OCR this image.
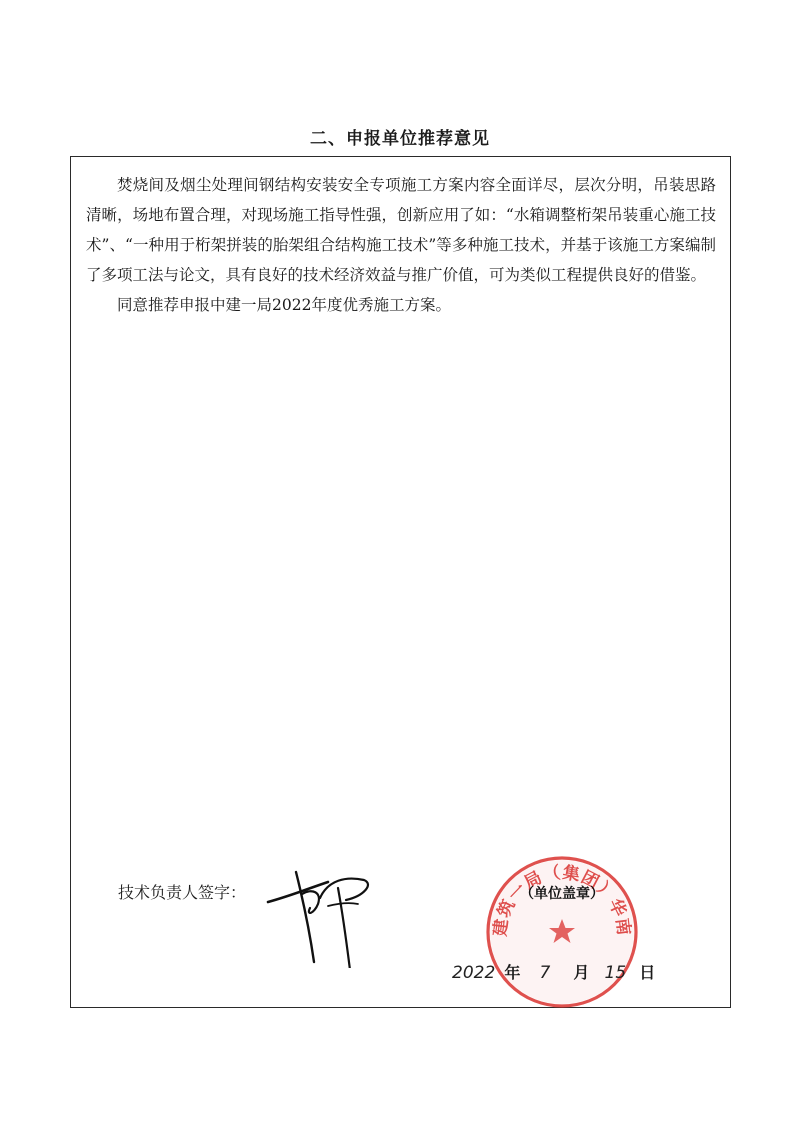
二、申报单位推荐意见

焚烧间及烟尘处理间钢结构安装安全专项施工方案内容全面详尽，层次分明，吊装思路清晰，场地布置合理，对现场施工指导性强，创新应用了如：“水箱调整桁架吊装重心施工技术”、“一种用于桁架拼装的胎架组合结构施工技术”等多种施工技术，并基于该施工方案编制了多项工法与论文，具有良好的技术经济效益与推广价值，可为类似工程提供良好的借鉴。

同意推荐申报中建一局2022年度优秀施工方案。

技术负责人签字：
建筑一局（集团）华南
（单位盖章）
2022 年 7 月 15 日
